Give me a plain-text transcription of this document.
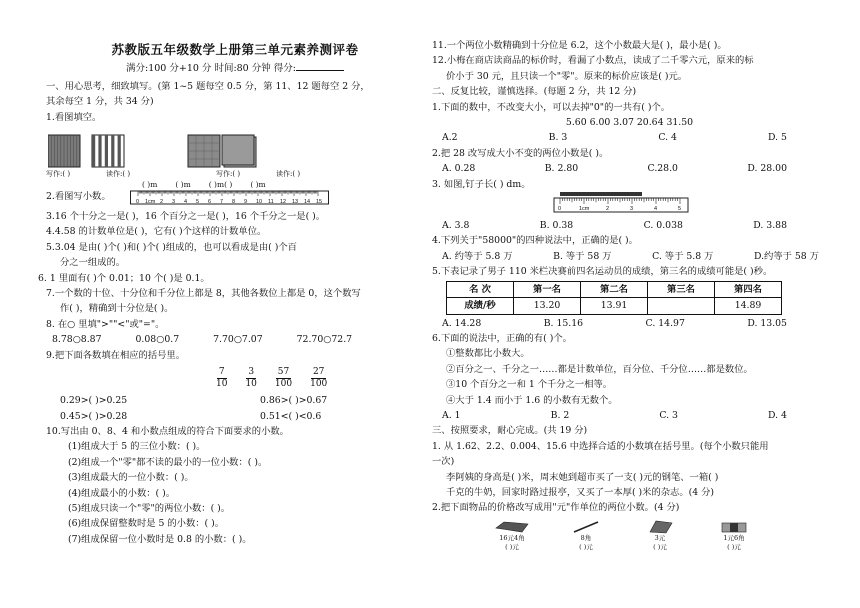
苏教版五年级数学上册第三单元素养测评卷
满分:100 分+10 分 时间:80 分钟 得分:
一、用心思考，细致填写。(第 1~5 题每空 0.5 分，第 11、12 题每空 2 分，
其余每空 1 分，共 34 分)
1.看图填空。
写作:( )	读作:( )	写作:( )	读作:( )
2.看图写小数。
( )m ( )m ( )m( ) ( )m
0 1cm 2 3 4 5 6 7 8 9 10 11 12 13 14 15
3.16 个十分之一是( )，16 个百分之一是( )，16 个千分之一是( )。
4.4.58 的计数单位是( )，它有( )个这样的计数单位。
5.3.04 是由( )个( )和( )个( )组成的，也可以看成是由( )个百
分之一组成的。
6. 1 里面有( )个 0.01；10 个( )是 0.1。
7.一个数的十位、十分位和千分位上都是 8，其他各数位上都是 0，这个数写
作( )，精确到十分位是( )。
8. 在○ 里填">""<"或"="。
8.78○8.87	0.08○0.7	7.70○7.07	72.70○72.7
9.把下面各数填在相应的括号里。
$\frac{7}{10} \frac{3}{10} \frac{57}{100} \frac{27}{100}$
0.29>( )>0.25	0.86>( )>0.67
0.45>( )>0.28	0.51<( )<0.6
10.写出由 0、8、4 和小数点组成的符合下面要求的小数。
(1)组成大于 5 的三位小数：( )。
(2)组成一个"零"都不读的最小的一位小数：( )。
(3)组成最大的一位小数：( )。
(4)组成最小的小数：( )。
(5)组成只读一个"零"的两位小数：( )。
(6)组成保留整数时是 5 的小数：( )。
(7)组成保留一位小数时是 0.8 的小数：( )。
11.一个两位小数精确到十分位是 6.2，这个小数最大是( )，最小是( )。
12.小梅在商店读商品的标价时，看漏了小数点，读成了二千零六元，原来的标
价小于 30 元，且只读一个"零"。原来的标价应该是( )元。
二、反复比较，谨慎选择。(每题 2 分，共 12 分)
1.下面的数中，不改变大小，可以去掉"0"的一共有( )个。
5.60 6.00 3.07 20.64 31.50
A.2	B. 3	C. 4	D. 5
2.把 28 改写成大小不变的两位小数是( )。
A. 0.28	B. 2.80	C.28.0	D. 28.00
3. 如图,钉子长( ) dm。
0	1cm	2	3	4	5
A. 3.8	B. 0.38	C. 0.038	D. 3.88
4.下列关于"58000"的四种说法中，正确的是( )。
A. 约等于 5.8 万	B. 等于 58 万	C. 等于 5.8 万	D.约等于 58 万
5.下表记录了男子 110 米栏决赛前四名运动员的成绩，第三名的成绩可能是( )秒。
名 次	第一名	第二名	第三名	第四名
成绩/秒	13.20	13.91		14.89
A. 14.28	B. 15.16	C. 14.97	D. 13.05
6.下面的说法中，正确的有( )个。
①整数都比小数大。
②百分之一、千分之一……都是计数单位，百分位、千分位……都是数位。
③10 个百分之一和 1 个千分之一相等。
④大于 1.4 而小于 1.6 的小数有无数个。
A. 1	B. 2	C. 3	D. 4
三、按照要求，耐心完成。(共 19 分)
1. 从 1.62、2.2、0.004、15.6 中选择合适的小数填在括号里。(每个小数只能用
一次)
李阿姨的身高是( )米，周末她到超市买了一支( )元的钢笔、一箱( )
千克的牛奶，回家时路过报亭，又买了一本厚( )米的杂志。(4 分)
2.把下面物品的价格改写成用"元"作单位的两位小数。(4 分)
16元4角
( )元
8角
( )元
3元
( )元
1元6角
( )元
